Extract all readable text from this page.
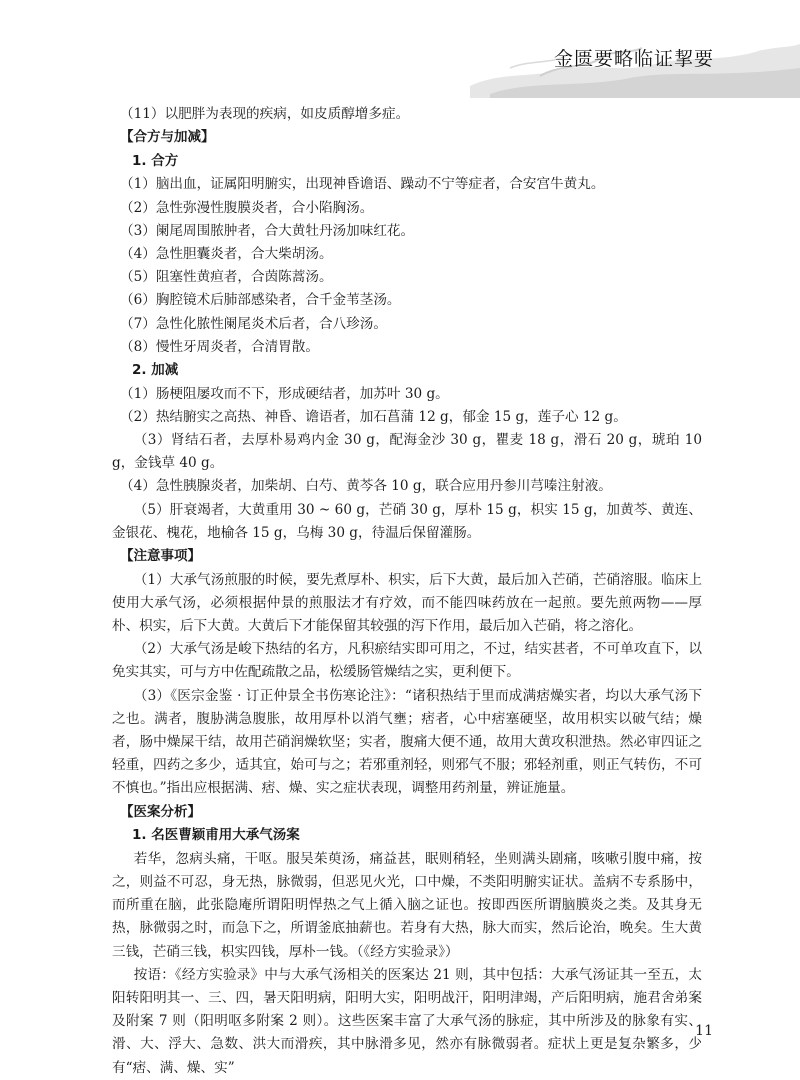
金匮要略临证挈要

（11）以肥胖为表现的疾病，如皮质醇增多症。

【合方与加减】
1. 合方

（1）脑出血，证属阳明腑实，出现神昏谵语、躁动不宁等症者，合安宫牛黄丸。

（2）急性弥漫性腹膜炎者，合小陷胸汤。

（3）阑尾周围脓肿者，合大黄牡丹汤加味红花。

（4）急性胆囊炎者，合大柴胡汤。

（5）阻塞性黄疸者，合茵陈蒿汤。

（6）胸腔镜术后肺部感染者，合千金苇茎汤。

（7）急性化脓性阑尾炎术后者，合八珍汤。

（8）慢性牙周炎者，合清胃散。

2. 加减

（1）肠梗阻屡攻而不下，形成硬结者，加苏叶 30 g。

（2）热结腑实之高热、神昏、谵语者，加石菖蒲 12 g，郁金 15 g，莲子心 12 g。

（3）肾结石者，去厚朴易鸡内金 30 g，配海金沙 30 g，瞿麦 18 g，滑石 20 g，琥珀 10 g，金钱草 40 g。

（4）急性胰腺炎者，加柴胡、白芍、黄芩各 10 g，联合应用丹参川芎嗪注射液。

（5）肝衰竭者，大黄重用 30 ~ 60 g，芒硝 30 g，厚朴 15 g，枳实 15 g，加黄芩、黄连、金银花、槐花，地榆各 15 g，乌梅 30 g，待温后保留灌肠。

【注意事项】

（1）大承气汤煎服的时候，要先煮厚朴、枳实，后下大黄，最后加入芒硝，芒硝溶服。临床上使用大承气汤，必须根据仲景的煎服法才有疗效，而不能四味药放在一起煎。要先煎两物——厚朴、枳实，后下大黄。大黄后下才能保留其较强的泻下作用，最后加入芒硝，将之溶化。

（2）大承气汤是峻下热结的名方，凡积瘀结实即可用之，不过，结实甚者，不可单攻直下，以免实其实，可与方中佐配疏散之品，松缓肠管燥结之实，更利便下。

（3）《医宗金鉴 · 订正仲景全书伤寒论注》：“诸积热结于里而成满痞燥实者，均以大承气汤下之也。满者，腹胁满急腹胀，故用厚朴以消气壅；痞者，心中痞塞硬坚，故用枳实以破气结；燥者，肠中燥屎干结，故用芒硝润燥软坚；实者，腹痛大便不通，故用大黄攻积泄热。然必审四证之轻重，四药之多少，适其宜，始可与之；若邪重剂轻，则邪气不服；邪轻剂重，则正气转伤，不可不慎也。”指出应根据满、痞、燥、实之症状表现，调整用药剂量，辨证施量。

【医案分析】
1. 名医曹颖甫用大承气汤案

若华，忽病头痛，干呕。服吴茱萸汤，痛益甚，眠则稍轻，坐则满头剧痛，咳嗽引腹中痛，按之，则益不可忍，身无热，脉微弱，但恶见火光，口中燥，不类阳明腑实证状。盖病不专系肠中，而所重在脑，此张隐庵所谓阳明悍热之气上循入脑之证也。按即西医所谓脑膜炎之类。及其身无热，脉微弱之时，而急下之，所谓釜底抽薪也。若身有大热，脉大而实，然后论治，晚矣。生大黄三钱，芒硝三钱，枳实四钱，厚朴一钱。（《经方实验录》）

按语：《经方实验录》中与大承气汤相关的医案达 21 则，其中包括：大承气汤证其一至五，太阳转阳明其一、三、四，暑天阳明病，阳明大实，阳明战汗，阳明津竭，产后阳明病，施君舍弟案及附案 7 则（阳明呕多附案 2 则）。这些医案丰富了大承气汤的脉症，其中所涉及的脉象有实、滑、大、浮大、急数、洪大而滑疾，其中脉滑多见，然亦有脉微弱者。症状上更是复杂繁多，少有“痞、满、燥、实”

11
